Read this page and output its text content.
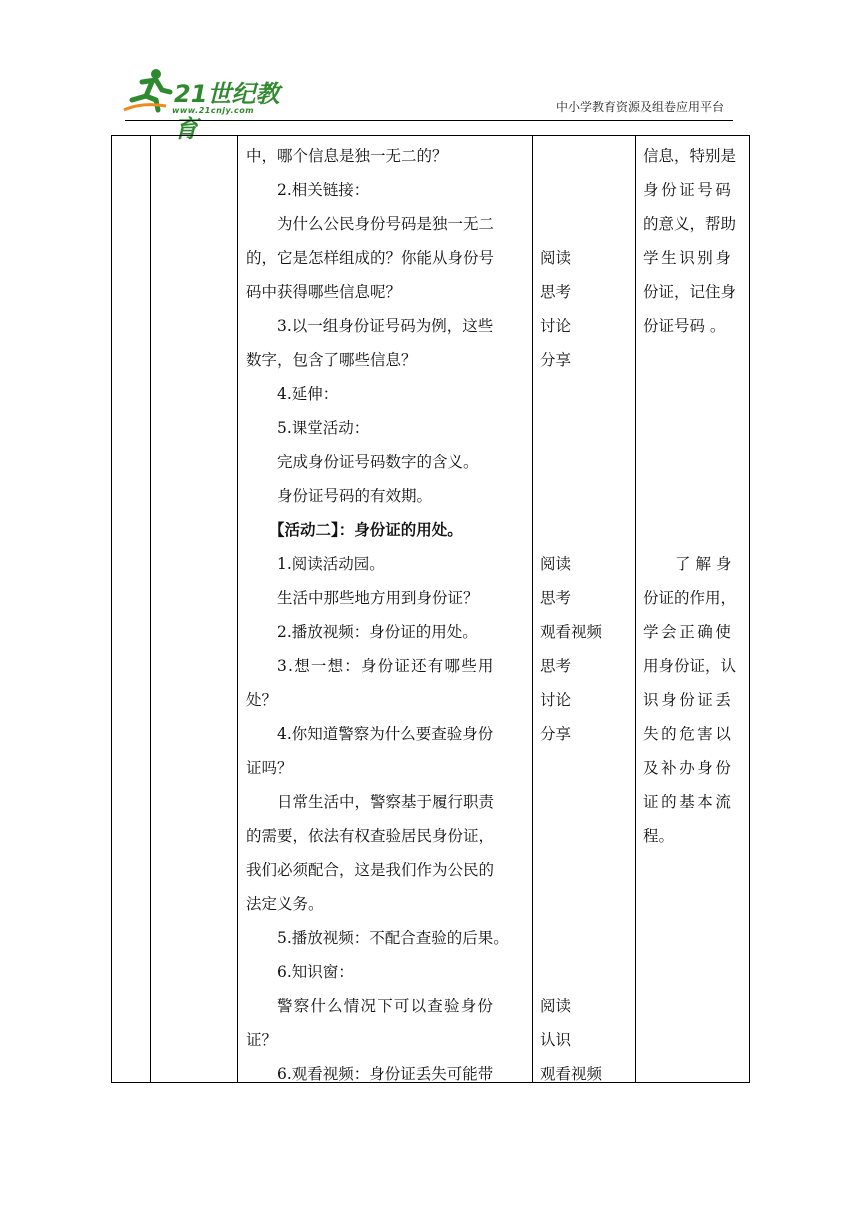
21世纪教育
www.21cnjy.com	中小学教育资源及组卷应用平台
中，哪个信息是独一无二的？
2.相关链接：
为什么公民身份号码是独一无二
的，它是怎样组成的？你能从身份号
码中获得哪些信息呢？
3.以一组身份证号码为例，这些
数字，包含了哪些信息？
4.延伸：
5.课堂活动：
完成身份证号码数字的含义。
身份证号码的有效期。
【活动二】：身份证的用处。
1.阅读活动园。
生活中那些地方用到身份证？
2.播放视频：身份证的用处。
3.想一想：身份证还有哪些用
处？
4.你知道警察为什么要查验身份
证吗？
日常生活中，警察基于履行职责
的需要，依法有权查验居民身份证，
我们必须配合，这是我们作为公民的
法定义务。
5.播放视频：不配合查验的后果。
6.知识窗：
警察什么情况下可以查验身份
证？
6.观看视频：身份证丢失可能带
阅读
思考
讨论
分享
阅读
思考
观看视频
思考
讨论
分享
阅读
认识
观看视频
信息，特别是
身份证号码
的意义，帮助
学生识别身
份证，记住身
份证号码 。
了解身
份证的作用，
学会正确使
用身份证，认
识身份证丢
失的危害以
及补办身份
证的基本流
程。
